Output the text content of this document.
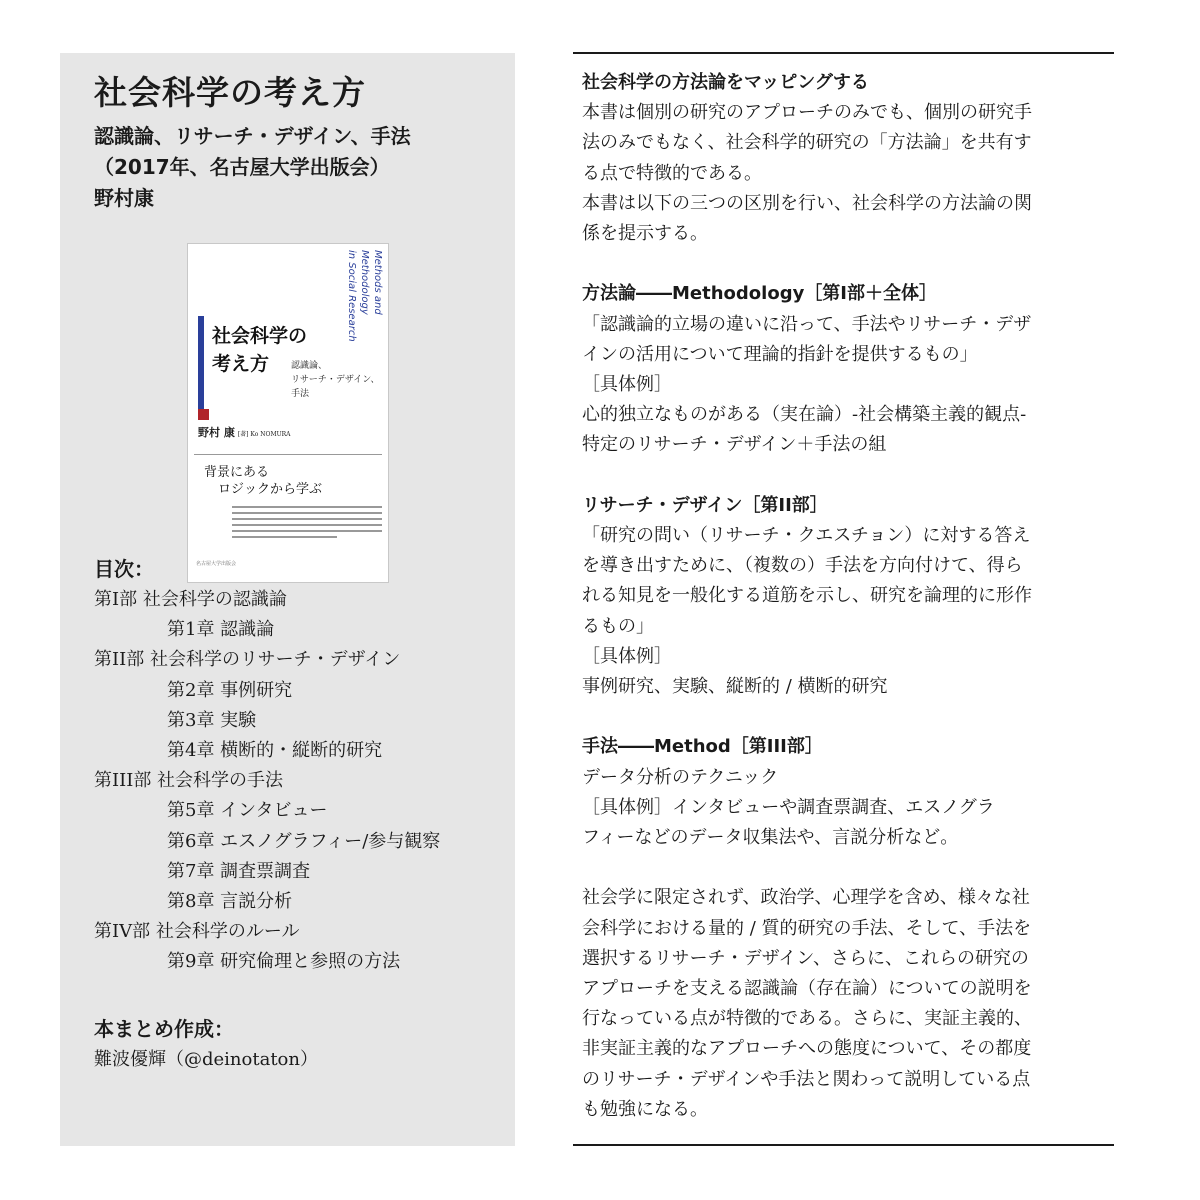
社会科学の考え方
認識論、リサーチ・デザイン、手法
（2017年、名古屋大学出版会）
野村康
Methods and Methodology
in Social Research
社会科学の
考え方	認識論、
リサーチ・デザイン、
手法
野村 康 [著] Ko NOMURA
背景にある
ロジックから学ぶ
名古屋大学出版会
目次：
第I部 社会科学の認識論
第1章 認識論
第II部 社会科学のリサーチ・デザイン
第2章 事例研究
第3章 実験
第4章 横断的・縦断的研究
第III部 社会科学の手法
第5章 インタビュー
第6章 エスノグラフィー/参与観察
第7章 調査票調査
第8章 言説分析
第IV部 社会科学のルール
第9章 研究倫理と参照の方法
本まとめ作成：
難波優輝（@deinotaton）
社会科学の方法論をマッピングする
本書は個別の研究のアプローチのみでも、個別の研究手
法のみでもなく、社会科学的研究の「方法論」を共有す
る点で特徴的である。
本書は以下の三つの区別を行い、社会科学の方法論の関
係を提示する。
方法論――Methodology［第I部＋全体］
「認識論的立場の違いに沿って、手法やリサーチ・デザ
インの活用について理論的指針を提供するもの」
［具体例］
心的独立なものがある（実在論）-社会構築主義的観点-
特定のリサーチ・デザイン＋手法の組
リサーチ・デザイン［第II部］
「研究の問い（リサーチ・クエスチョン）に対する答え
を導き出すために、（複数の）手法を方向付けて、得ら
れる知見を一般化する道筋を示し、研究を論理的に形作
るもの」
［具体例］
事例研究、実験、縦断的 / 横断的研究
手法――Method［第III部］
データ分析のテクニック
［具体例］インタビューや調査票調査、エスノグラ
フィーなどのデータ収集法や、言説分析など。
社会学に限定されず、政治学、心理学を含め、様々な社
会科学における量的 / 質的研究の手法、そして、手法を
選択するリサーチ・デザイン、さらに、これらの研究の
アプローチを支える認識論（存在論）についての説明を
行なっている点が特徴的である。さらに、実証主義的、
非実証主義的なアプローチへの態度について、その都度
のリサーチ・デザインや手法と関わって説明している点
も勉強になる。
